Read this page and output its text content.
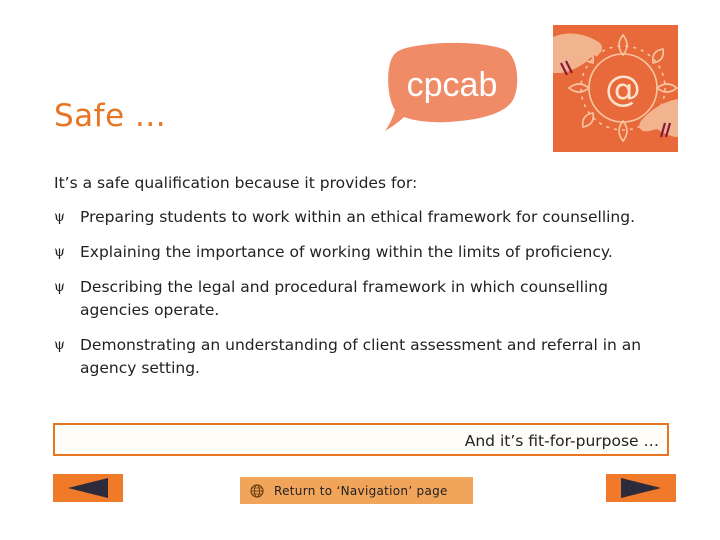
Safe ...
cpcab	@

It’s a safe qualification because it provides for:

ψ Preparing students to work within an ethical framework for counselling.
ψ Explaining the importance of working within the limits of proficiency.
ψ Describing the legal and procedural framework in which counselling agencies operate.
ψ Demonstrating an understanding of client assessment and referral in an agency setting.
And it’s fit-for-purpose …
Return to ‘Navigation’ page
